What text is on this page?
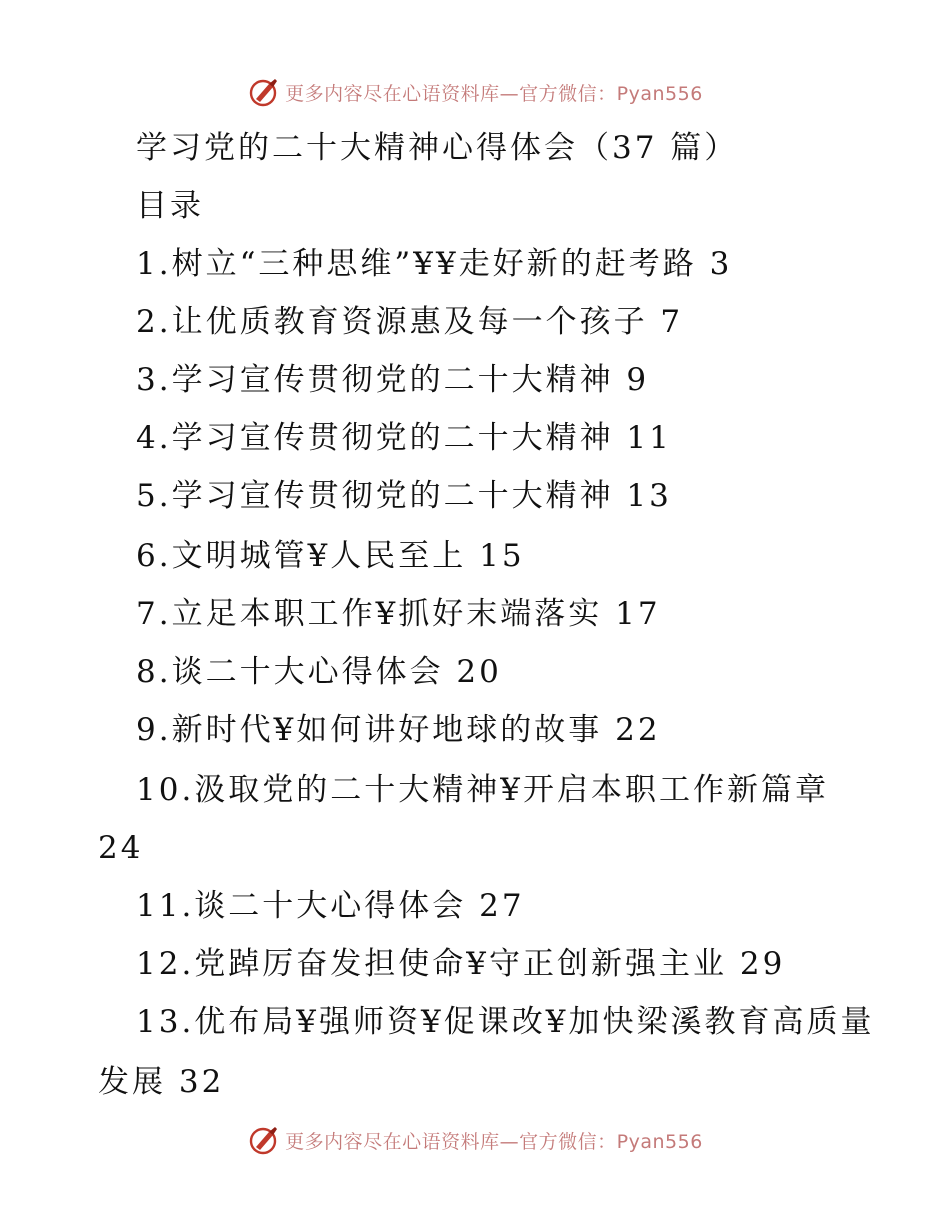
更多内容尽在心语资料库—官方微信：Pyan556
学习党的二十大精神心得体会（37 篇）
目录
1.树立“三种思维”¥¥走好新的赶考路 3
2.让优质教育资源惠及每一个孩子 7
3.学习宣传贯彻党的二十大精神 9
4.学习宣传贯彻党的二十大精神 11
5.学习宣传贯彻党的二十大精神 13
6.文明城管¥人民至上 15
7.立足本职工作¥抓好末端落实 17
8.谈二十大心得体会 20
9.新时代¥如何讲好地球的故事 22
10.汲取党的二十大精神¥开启本职工作新篇章
24
11.谈二十大心得体会 27
12.党踔厉奋发担使命¥守正创新强主业 29
13.优布局¥强师资¥促课改¥加快梁溪教育高质量
发展 32
更多内容尽在心语资料库—官方微信：Pyan556
